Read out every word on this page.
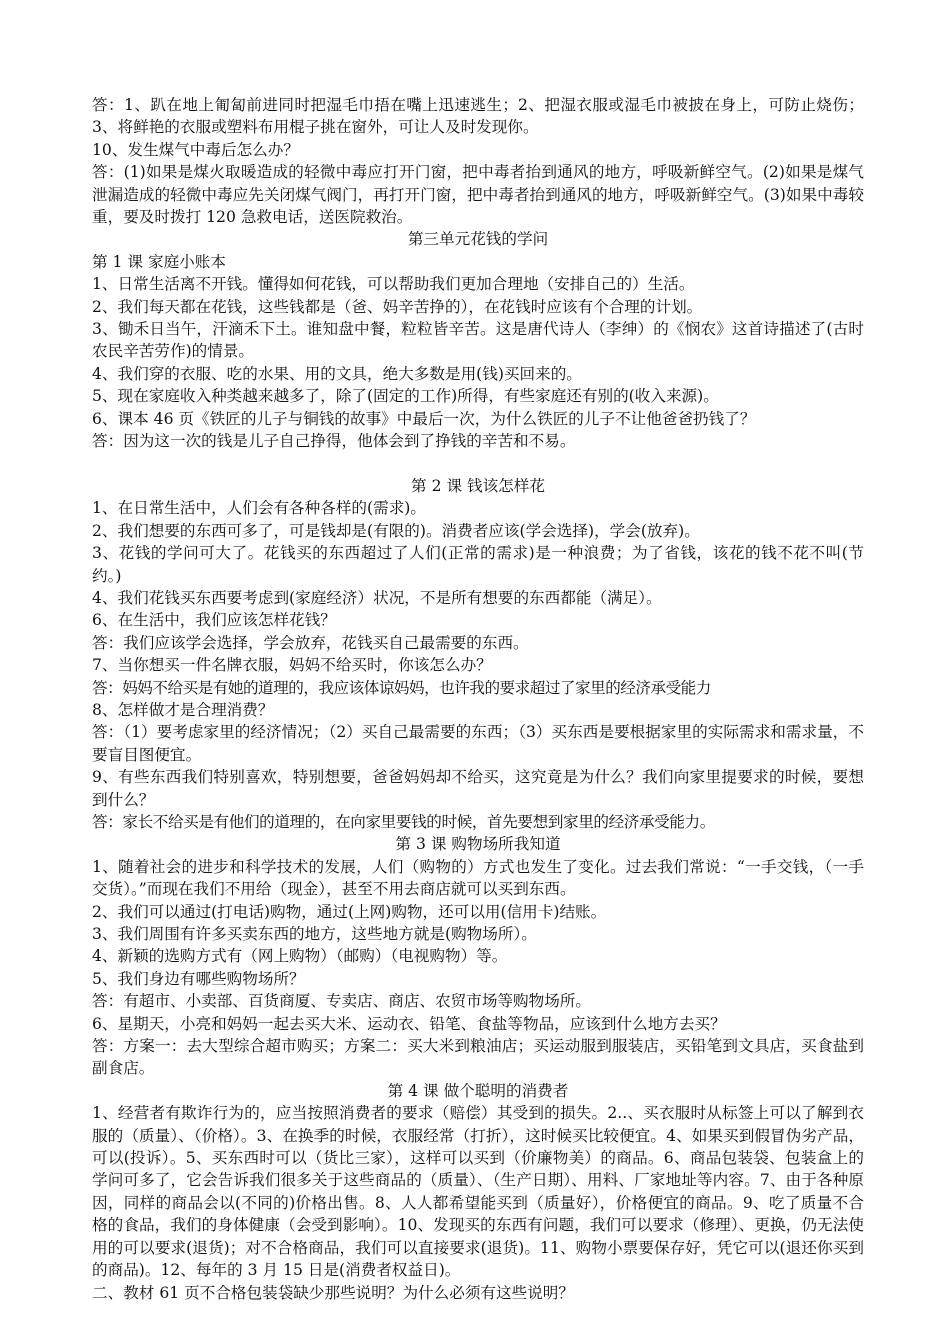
答：1、趴在地上匍匐前进同时把湿毛巾捂在嘴上迅速逃生；2、把湿衣服或湿毛巾被披在身上，可防止烧伤；3、将鲜艳的衣服或塑料布用棍子挑在窗外，可让人及时发现你。

10、发生煤气中毒后怎么办？

答：(1)如果是煤火取暖造成的轻微中毒应打开门窗，把中毒者抬到通风的地方，呼吸新鲜空气。(2)如果是煤气泄漏造成的轻微中毒应先关闭煤气阀门，再打开门窗，把中毒者抬到通风的地方，呼吸新鲜空气。(3)如果中毒较重，要及时拨打 120 急救电话，送医院救治。

第三单元花钱的学问

第 1 课 家庭小账本

1、日常生活离不开钱。懂得如何花钱，可以帮助我们更加合理地（安排自己的）生活。

2、我们每天都在花钱，这些钱都是（爸、妈辛苦挣的），在花钱时应该有个合理的计划。

3、锄禾日当午，汗滴禾下土。谁知盘中餐，粒粒皆辛苦。这是唐代诗人（李绅）的《悯农》这首诗描述了(古时农民辛苦劳作)的情景。

4、我们穿的衣服、吃的水果、用的文具，绝大多数是用(钱)买回来的。

5、现在家庭收入种类越来越多了，除了(固定的工作)所得，有些家庭还有别的(收入来源)。

6、课本 46 页《铁匠的儿子与铜钱的故事》中最后一次，为什么铁匠的儿子不让他爸爸扔钱了？

答：因为这一次的钱是儿子自己挣得，他体会到了挣钱的辛苦和不易。

第 2 课 钱该怎样花

1、在日常生活中，人们会有各种各样的(需求)。

2、我们想要的东西可多了，可是钱却是(有限的)。消费者应该(学会选择)，学会(放弃)。

3、花钱的学问可大了。花钱买的东西超过了人们(正常的需求)是一种浪费；为了省钱，该花的钱不花不叫(节约。)

4、我们花钱买东西要考虑到(家庭经济）状况，不是所有想要的东西都能（满足）。

6、在生活中，我们应该怎样花钱？

答：我们应该学会选择，学会放弃，花钱买自己最需要的东西。

7、当你想买一件名牌衣服，妈妈不给买时，你该怎么办？

答：妈妈不给买是有她的道理的，我应该体谅妈妈，也许我的要求超过了家里的经济承受能力

8、怎样做才是合理消费？

答：（1）要考虑家里的经济情况；（2）买自己最需要的东西；（3）买东西是要根据家里的实际需求和需求量，不要盲目图便宜。

9、有些东西我们特别喜欢，特别想要，爸爸妈妈却不给买，这究竟是为什么？我们向家里提要求的时候，要想到什么？

答：家长不给买是有他们的道理的，在向家里要钱的时候，首先要想到家里的经济承受能力。

第 3 课 购物场所我知道

1、随着社会的进步和科学技术的发展，人们（购物的）方式也发生了变化。过去我们常说：“一手交钱，（一手交货）。”而现在我们不用给（现金），甚至不用去商店就可以买到东西。

2、我们可以通过(打电话)购物，通过(上网)购物，还可以用(信用卡)结账。

3、我们周围有许多买卖东西的地方，这些地方就是(购物场所）。

4、新颖的选购方式有（网上购物）（邮购）（电视购物）等。

5、我们身边有哪些购物场所？

答：有超市、小卖部、百货商厦、专卖店、商店、农贸市场等购物场所。

6、星期天，小亮和妈妈一起去买大米、运动衣、铅笔、食盐等物品，应该到什么地方去买？

答：方案一：去大型综合超市购买；方案二：买大米到粮油店；买运动服到服装店，买铅笔到文具店，买食盐到副食店。

第 4 课 做个聪明的消费者

1、经营者有欺诈行为的，应当按照消费者的要求（赔偿）其受到的损失。2..、买衣服时从标签上可以了解到衣服的（质量）、（价格）。3、在换季的时候，衣服经常（打折），这时候买比较便宜。4、如果买到假冒伪劣产品，可以(投诉）。5、买东西时可以（货比三家），这样可以买到（价廉物美）的商品。6、商品包装袋、包装盒上的学问可多了，它会告诉我们很多关于这些商品的（质量）、（生产日期）、用料、厂家地址等内容。7、由于各种原因，同样的商品会以(不同的)价格出售。8、人人都希望能买到（质量好），价格便宜的商品。9、吃了质量不合格的食品，我们的身体健康（会受到影响）。10、发现买的东西有问题，我们可以要求（修理）、更换，仍无法使用的可以要求(退货)；对不合格商品，我们可以直接要求(退货)。11、购物小票要保存好，凭它可以(退还你买到的商品)。12、每年的 3 月 15 日是(消费者权益日)。

二、教材 61 页不合格包装袋缺少那些说明？为什么必须有这些说明？
